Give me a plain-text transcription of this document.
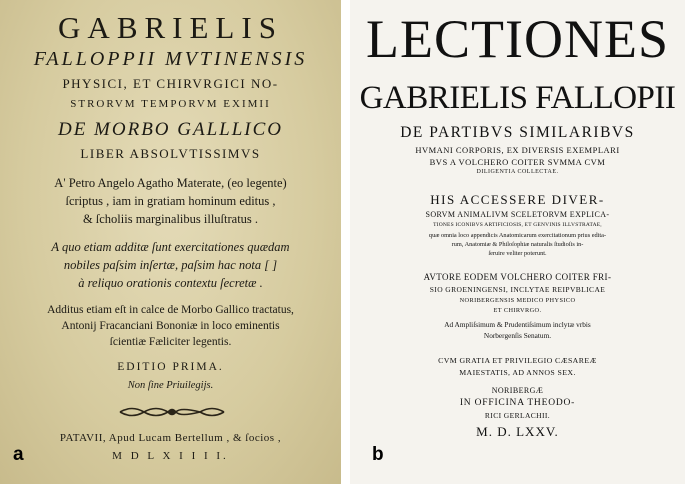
GABRIELIS

FALLOPPII MVTINENSIS

PHYSICI, ET CHIRVRGICI NO-

STRORVM TEMPORVM EXIMII

DE MORBO GALLLICO

LIBER ABSOLVTISSIMVS

A' Petro Angelo Agatho Materate, (eo legente)

ſcriptus , iam in gratiam hominum editus ,

& ſcholiis marginalibus illuſtratus .

A quo etiam additæ ſunt exercitationes quædam

nobiles paſsim inſertæ, paſsim hac nota [ ]

à reliquo orationis contextu ſecretæ .

Additus etiam eſt in calce de Morbo Gallico tractatus,

Antonij Fracanciani Bononiæ in loco eminentis

ſcientiæ Fæliciter legentis.

EDITIO PRIMA.

Non ſine Priuilegijs.

PATAVII, Apud Lucam Bertellum , & ſocios ,

M D L X I I I I.

a

LECTIONES

GABRIELIS FALLOPII

DE PARTIBVS SIMILARIBVS

HVMANI CORPORIS, EX DIVERSIS EXEMPLARI

BVS A VOLCHERO COITER SVMMA CVM

DILIGENTIA COLLECTAE.

HIS ACCESSERE DIVER-

SORVM ANIMALIVM SCELETORVM EXPLICA-

TIONES ICONIBVS ARTIFICIOSIS, ET GENVINIS ILLVSTRATAE,

quæ omnia loco appendicis Anatomicarum exercitationum prius edita-

rum, Anatomiæ & Philoſophiæ naturalis ſtudioſis in-

ſeruire veliter poterunt.

AVTORE EODEM VOLCHERO COITER FRI-

SIO GROENINGENSI, INCLYTAE REIPVBLICAE

NORIBERGENSIS MEDICO PHYSICO

ET CHIRVRGO.

Ad Ampliſsimum & Prudentiſsimum inclytæ vrbis

Norbergenſis Senatum.

CVM GRATIA ET PRIVILEGIO CÆSAREÆ

MAIESTATIS, AD ANNOS SEX.

NORIBERGÆ

IN OFFICINA THEODO-

RICI GERLACHII.

M. D. LXXV.

b
